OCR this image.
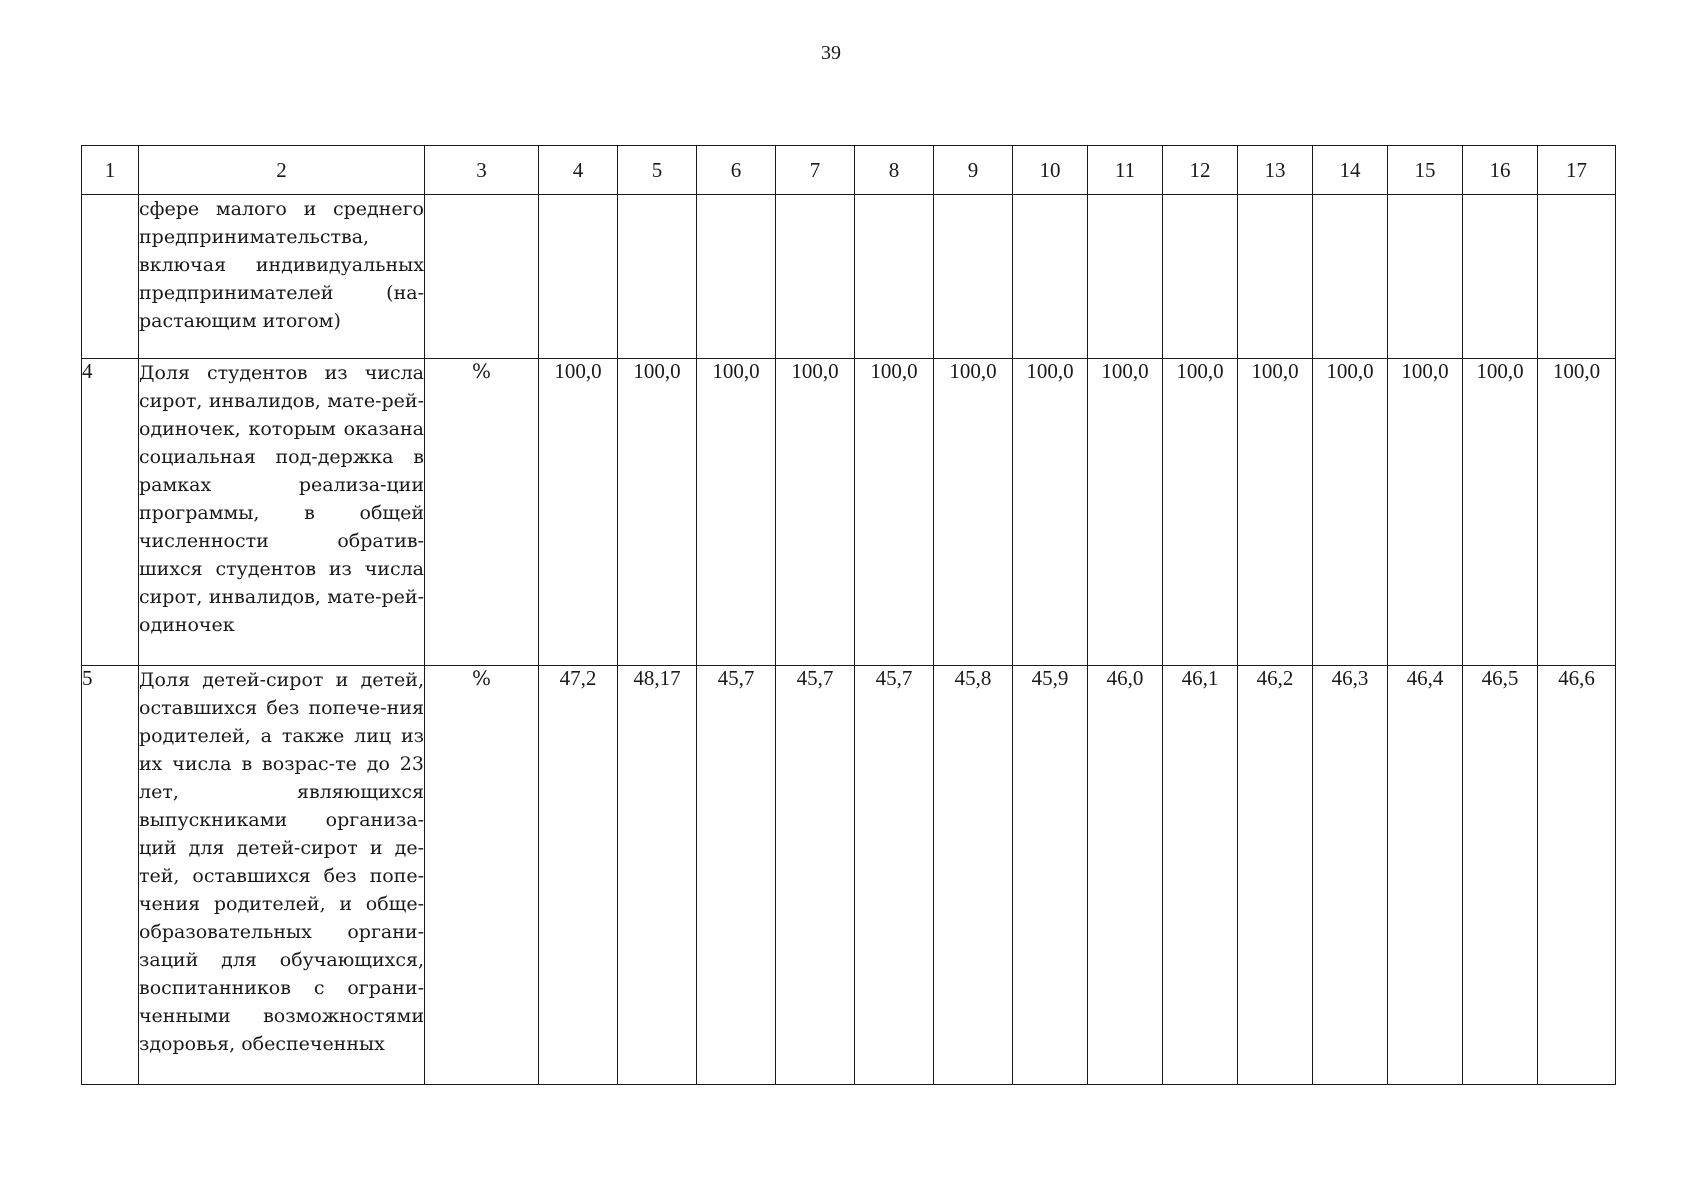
39
1	2	3	4	5	6	7	8	9	10	11	12	13	14	15	16	17
	сфере малого и среднего предпринимательства, включая индивидуальных предпринимателей (на-растающим итогом)															
4	Доля студентов из числа сирот, инвалидов, мате-рей-одиночек, которым оказана социальная под-держка в рамках реализа-ции программы, в общей численности обратив-шихся студентов из числа сирот, инвалидов, мате-рей-одиночек	%	100,0	100,0	100,0	100,0	100,0	100,0	100,0	100,0	100,0	100,0	100,0	100,0	100,0	100,0
5	Доля детей-сирот и детей, оставшихся без попече-ния родителей, а также лиц из их числа в возрас-те до 23 лет, являющихся выпускниками организа-ций для детей-сирот и де-тей, оставшихся без попе-чения родителей, и обще-образовательных органи-заций для обучающихся, воспитанников с ограни-ченными возможностями здоровья, обеспеченных	%	47,2	48,17	45,7	45,7	45,7	45,8	45,9	46,0	46,1	46,2	46,3	46,4	46,5	46,6
